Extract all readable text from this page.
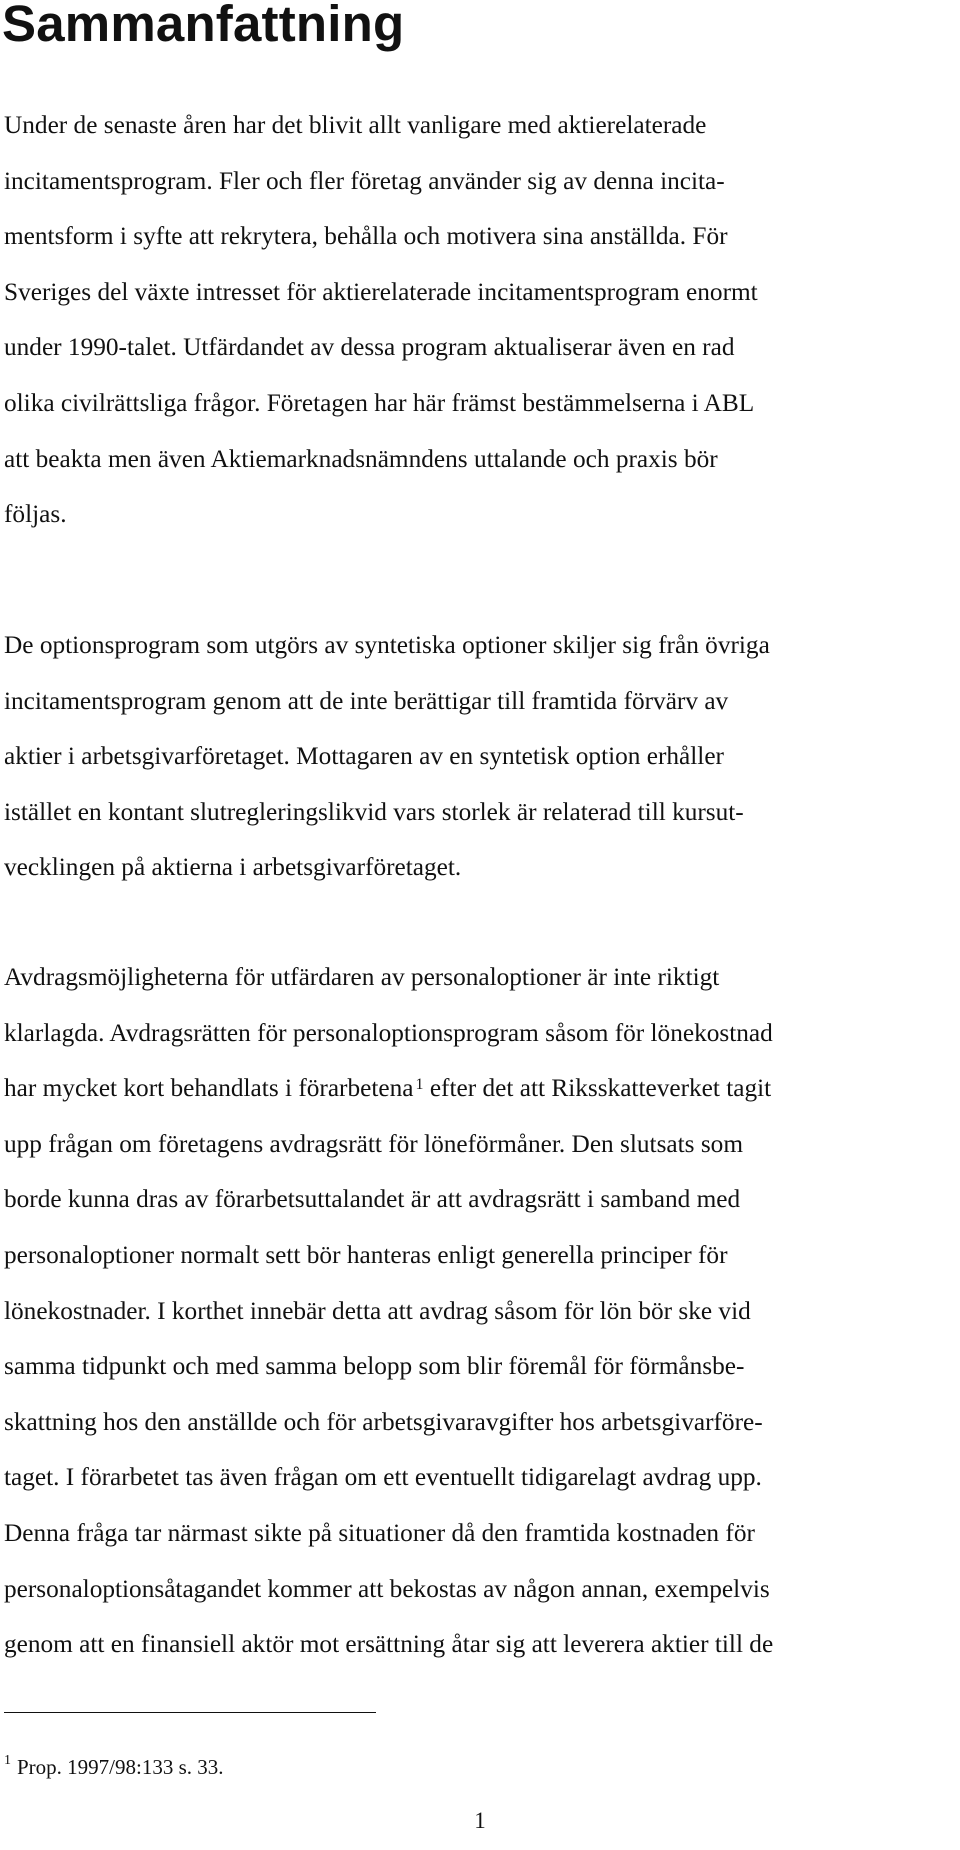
Sammanfattning

Under de senaste åren har det blivit allt vanligare med aktierelaterade
incitamentsprogram. Fler och fler företag använder sig av denna incita-
mentsform i syfte att rekrytera, behålla och motivera sina anställda. För
Sveriges del växte intresset för aktierelaterade incitamentsprogram enormt
under 1990-talet. Utfärdandet av dessa program aktualiserar även en rad
olika civilrättsliga frågor. Företagen har här främst bestämmelserna i ABL
att beakta men även Aktiemarknadsnämndens uttalande och praxis bör
följas.

De optionsprogram som utgörs av syntetiska optioner skiljer sig från övriga
incitamentsprogram genom att de inte berättigar till framtida förvärv av
aktier i arbetsgivarföretaget. Mottagaren av en syntetisk option erhåller
istället en kontant slutregleringslikvid vars storlek är relaterad till kursut-
vecklingen på aktierna i arbetsgivarföretaget.

Avdragsmöjligheterna för utfärdaren av personaloptioner är inte riktigt
klarlagda. Avdragsrätten för personaloptionsprogram såsom för lönekostnad
har mycket kort behandlats i förarbetena $^1$ efter det att Riksskatteverket tagit
upp frågan om företagens avdragsrätt för löneförmåner. Den slutsats som
borde kunna dras av förarbetsuttalandet är att avdragsrätt i samband med
personaloptioner normalt sett bör hanteras enligt generella principer för
lönekostnader. I korthet innebär detta att avdrag såsom för lön bör ske vid
samma tidpunkt och med samma belopp som blir föremål för förmånsbe-
skattning hos den anställde och för arbetsgivaravgifter hos arbetsgivarföre-
taget. I förarbetet tas även frågan om ett eventuellt tidigarelagt avdrag upp.
Denna fråga tar närmast sikte på situationer då den framtida kostnaden för
personaloptionsåtagandet kommer att bekostas av någon annan, exempelvis
genom att en finansiell aktör mot ersättning åtar sig att leverera aktier till de

$^1$ Prop. 1997/98:133 s. 33.

1
